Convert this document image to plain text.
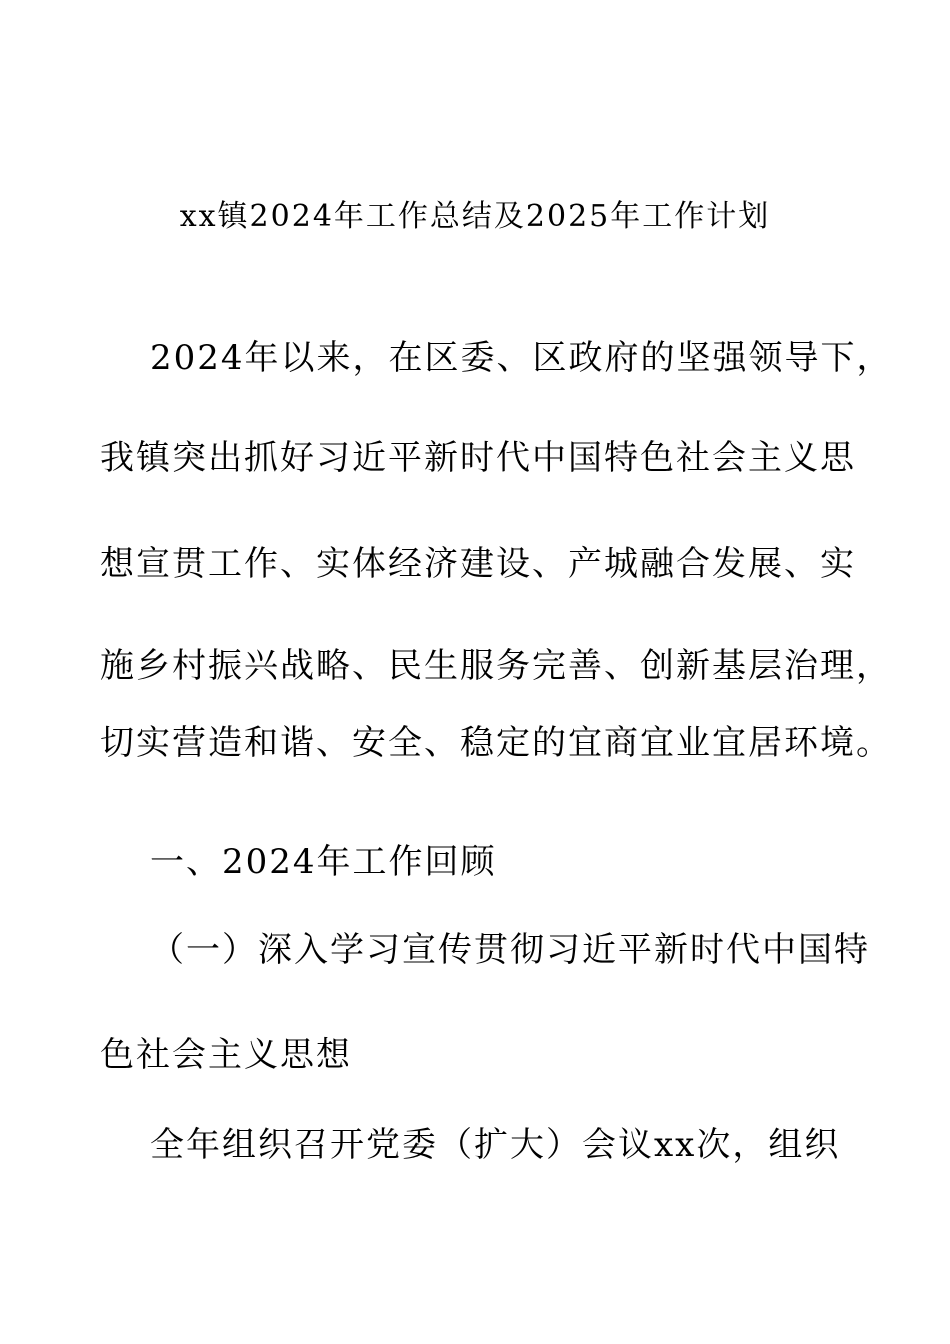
xx镇2024年工作总结及2025年工作计划
2024年以来，在区委、区政府的坚强领导下，
我镇突出抓好习近平新时代中国特色社会主义思
想宣贯工作、实体经济建设、产城融合发展、实
施乡村振兴战略、民生服务完善、创新基层治理，
切实营造和谐、安全、稳定的宜商宜业宜居环境。
一、2024年工作回顾
（一）深入学习宣传贯彻习近平新时代中国特
色社会主义思想
全年组织召开党委（扩大）会议xx次，组织
